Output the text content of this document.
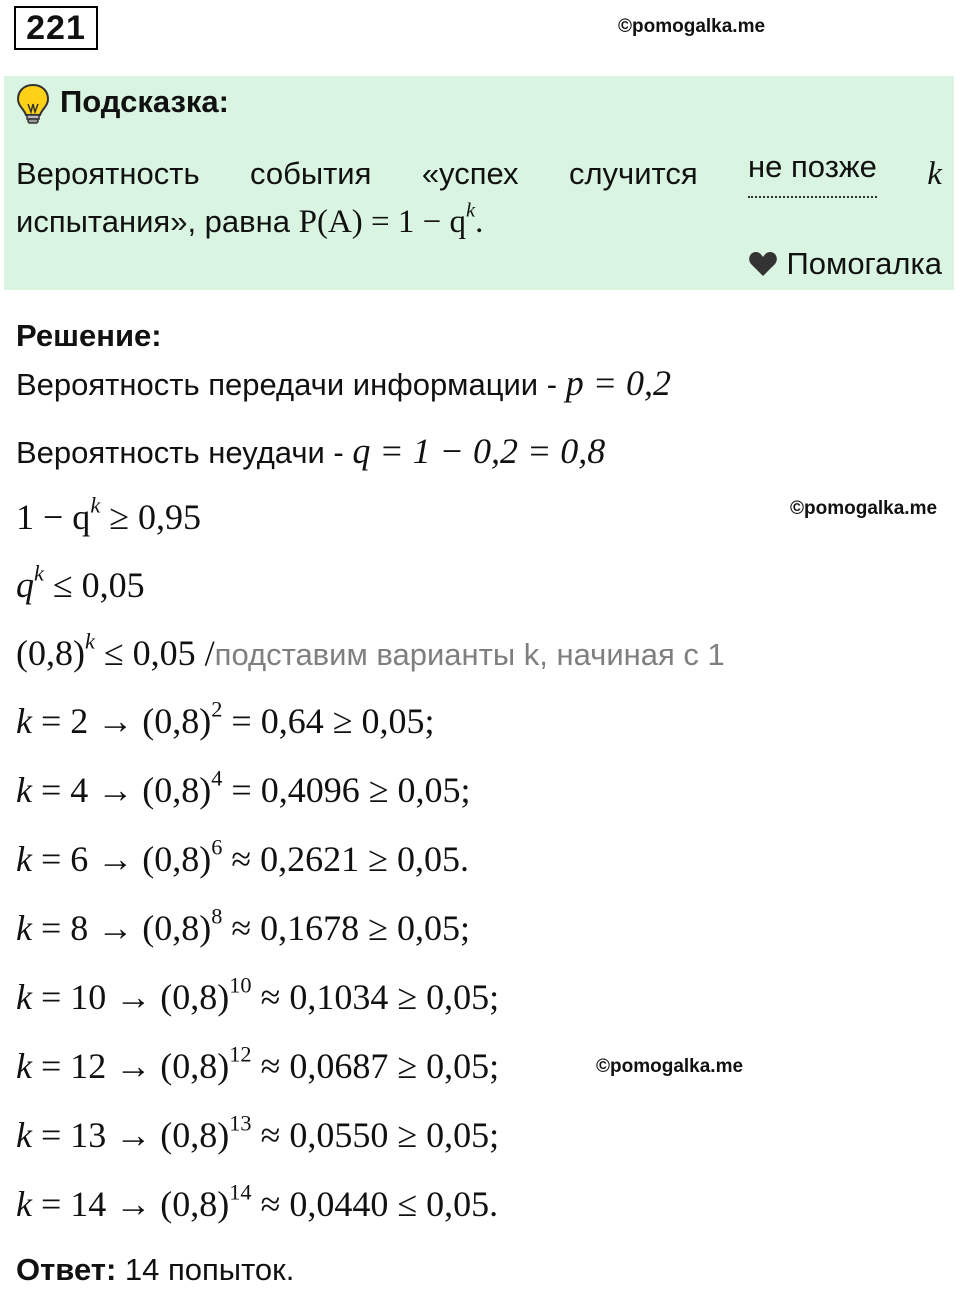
221	©pomogalka.me
Подсказка:
Вероятность события «успех случится не позже k
испытания», равна $P(A) = 1 - q^k$.
Помогалка
Решение:
Вероятность передачи информации - p = 0,2
Вероятность неудачи - q = 1 − 0,2 = 0,8
$1 - q^k \ge 0,95$	©pomogalka.me
$q^k \le 0,05$
$(0,8)^k \le 0,05$ /подставим варианты k, начиная с 1
$k = 2 \to (0,8)^2 = 0,64 \ge 0,05$;
$k = 4 \to (0,8)^4 = 0,4096 \ge 0,05$;
$k = 6 \to (0,8)^6 \approx 0,2621 \ge 0,05$.
$k = 8 \to (0,8)^8 \approx 0,1678 \ge 0,05$;
$k = 10 \to (0,8)^{10} \approx 0,1034 \ge 0,05$;
$k = 12 \to (0,8)^{12} \approx 0,0687 \ge 0,05$;	©pomogalka.me
$k = 13 \to (0,8)^{13} \approx 0,0550 \ge 0,05$;
$k = 14 \to (0,8)^{14} \approx 0,0440 \le 0,05$.
Ответ: 14 попыток.
